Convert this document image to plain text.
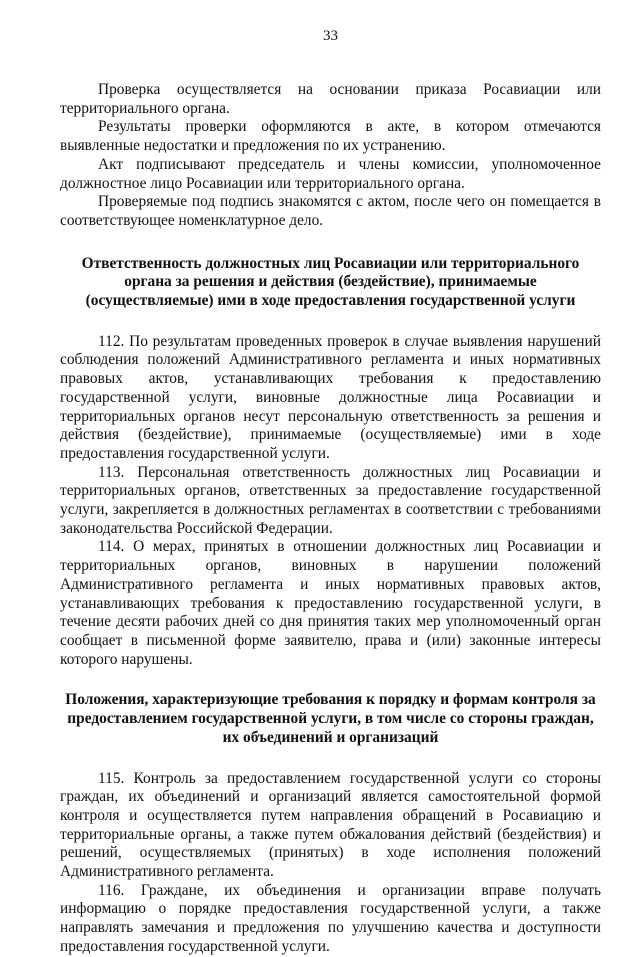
33

Проверка осуществляется на основании приказа Росавиации или территориального органа.

Результаты проверки оформляются в акте, в котором отмечаются выявленные недостатки и предложения по их устранению.

Акт подписывают председатель и члены комиссии, уполномоченное должностное лицо Росавиации или территориального органа.

Проверяемые под подпись знакомятся с актом, после чего он помещается в соответствующее номенклатурное дело.

Ответственность должностных лиц Росавиации или территориального органа за решения и действия (бездействие), принимаемые (осуществляемые) ими в ходе предоставления государственной услуги

112. По результатам проведенных проверок в случае выявления нарушений соблюдения положений Административного регламента и иных нормативных правовых актов, устанавливающих требования к предоставлению государственной услуги, виновные должностные лица Росавиации и территориальных органов несут персональную ответственность за решения и действия (бездействие), принимаемые (осуществляемые) ими в ходе предоставления государственной услуги.

113. Персональная ответственность должностных лиц Росавиации и территориальных органов, ответственных за предоставление государственной услуги, закрепляется в должностных регламентах в соответствии с требованиями законодательства Российской Федерации.

114. О мерах, принятых в отношении должностных лиц Росавиации и территориальных органов, виновных в нарушении положений Административного регламента и иных нормативных правовых актов, устанавливающих требования к предоставлению государственной услуги, в течение десяти рабочих дней со дня принятия таких мер уполномоченный орган сообщает в письменной форме заявителю, права и (или) законные интересы которого нарушены.

Положения, характеризующие требования к порядку и формам контроля за предоставлением государственной услуги, в том числе со стороны граждан, их объединений и организаций

115. Контроль за предоставлением государственной услуги со стороны граждан, их объединений и организаций является самостоятельной формой контроля и осуществляется путем направления обращений в Росавиацию и территориальные органы, а также путем обжалования действий (бездействия) и решений, осуществляемых (принятых) в ходе исполнения положений Административного регламента.

116. Граждане, их объединения и организации вправе получать информацию о порядке предоставления государственной услуги, а также направлять замечания и предложения по улучшению качества и доступности предоставления государственной услуги.
